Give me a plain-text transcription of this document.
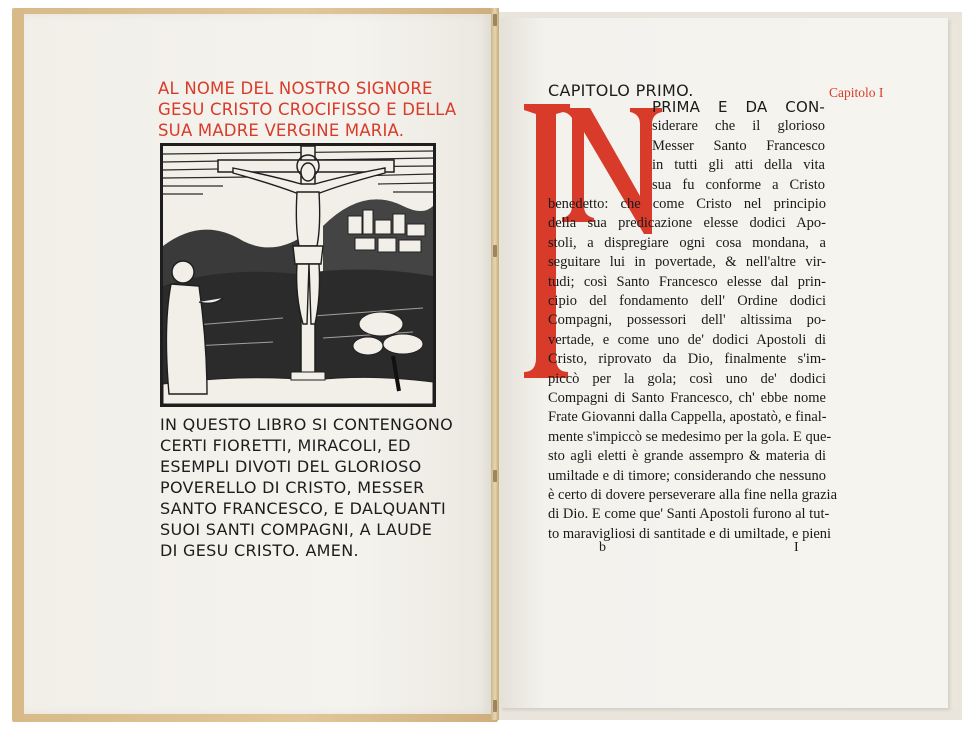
AL NOME DEL NOSTRO SIGNORE
GESU CRISTO CROCIFISSO E DELLA
SUA MADRE VERGINE MARIA.
IN QUESTO LIBRO SI CONTENGONO
CERTI FIORETTI, MIRACOLI, ED
ESEMPLI DIVOTI DEL GLORIOSO
POVERELLO DI CRISTO, MESSER
SANTO FRANCESCO, E DALQUANTI
SUOI SANTI COMPAGNI, A LAUDE
DI GESU CRISTO. AMEN.
CAPITOLO PRIMO.	Capitolo I
IN
PRIMA E DA CON-
siderare che il glorioso
Messer Santo Francesco
in tutti gli atti della vita
sua fu conforme a Cristo
benedetto: che come Cristo nel principio
della sua predicazione elesse dodici Apo-
stoli, a dispregiare ogni cosa mondana, a
seguitare lui in povertade, & nell'altre vir-
tudi; così Santo Francesco elesse dal prin-
cipio del fondamento dell' Ordine dodici
Compagni, possessori dell' altissima po-
vertade, e come uno de' dodici Apostoli di
Cristo, riprovato da Dio, finalmente s'im-
piccò per la gola; così uno de' dodici
Compagni di Santo Francesco, ch' ebbe nome
Frate Giovanni dalla Cappella, apostatò, e final-
mente s'impiccò se medesimo per la gola. E que-
sto agli eletti è grande assempro & materia di
umiltade e di timore; considerando che nessuno
è certo di dovere perseverare alla fine nella grazia
di Dio. E come que' Santi Apostoli furono al tut-
to maravigliosi di santitade e di umiltade, e pieni
b	I
